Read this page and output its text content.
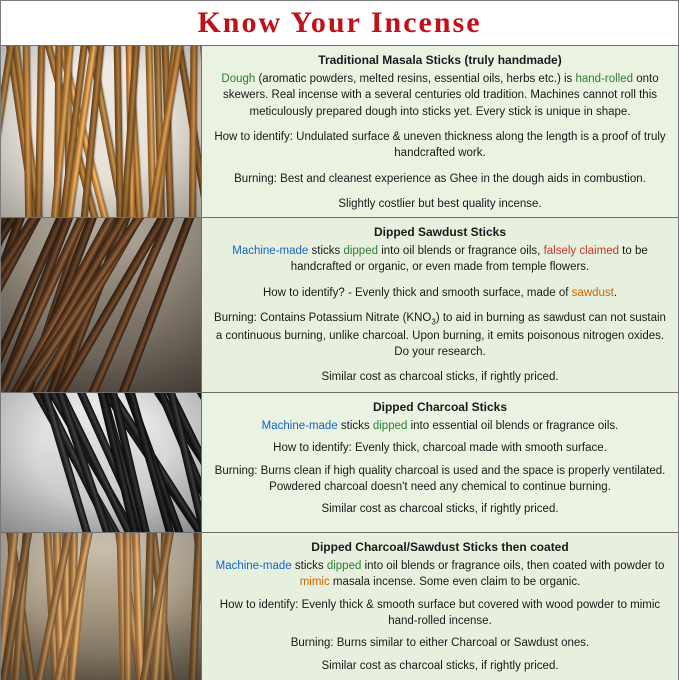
Know Your Incense
Traditional Masala Sticks (truly handmade)

Dough (aromatic powders, melted resins, essential oils, herbs etc.) is hand-rolled onto skewers. Real incense with a several centuries old tradition. Machines cannot roll this meticulously prepared dough into sticks yet. Every stick is unique in shape.

How to identify: Undulated surface & uneven thickness along the length is a proof of truly handcrafted work.

Burning: Best and cleanest experience as Ghee in the dough aids in combustion.

Slightly costlier but best quality incense.

Dipped Sawdust Sticks

Machine-made sticks dipped into oil blends or fragrance oils, falsely claimed to be handcrafted or organic, or even made from temple flowers.

How to identify? - Evenly thick and smooth surface, made of sawdust.

Burning: Contains Potassium Nitrate $(KNO_3)$ to aid in burning as sawdust can not sustain a continuous burning, unlike charcoal. Upon burning, it emits poisonous nitrogen oxides. Do your research.

Similar cost as charcoal sticks, if rightly priced.

Dipped Charcoal Sticks

Machine-made sticks dipped into essential oil blends or fragrance oils.

How to identify: Evenly thick, charcoal made with smooth surface.

Burning: Burns clean if high quality charcoal is used and the space is properly ventilated. Powdered charcoal doesn't need any chemical to continue burning.

Similar cost as charcoal sticks, if rightly priced.

Dipped Charcoal/Sawdust Sticks then coated

Machine-made sticks dipped into oil blends or fragrance oils, then coated with powder to mimic masala incense. Some even claim to be organic.

How to identify: Evenly thick & smooth surface but covered with wood powder to mimic hand-rolled incense.

Burning: Burns similar to either Charcoal or Sawdust ones.

Similar cost as charcoal sticks, if rightly priced.
